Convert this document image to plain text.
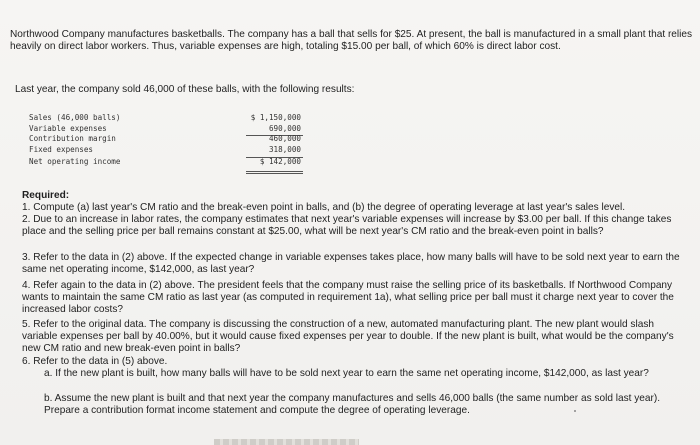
Northwood Company manufactures basketballs. The company has a ball that sells for $25. At present, the ball is manufactured in a small plant that relies heavily on direct labor workers. Thus, variable expenses are high, totaling $15.00 per ball, of which 60% is direct labor cost.

Last year, the company sold 46,000 of these balls, with the following results:

Sales (46,000 balls)	$ 1,150,000
Variable expenses	690,000
Contribution margin	460,000
Fixed expenses	318,000
Net operating income	$ 142,000

Required:

1. Compute (a) last year's CM ratio and the break-even point in balls, and (b) the degree of operating leverage at last year's sales level.

2. Due to an increase in labor rates, the company estimates that next year's variable expenses will increase by $3.00 per ball. If this change takes place and the selling price per ball remains constant at $25.00, what will be next year's CM ratio and the break-even point in balls?

3. Refer to the data in (2) above. If the expected change in variable expenses takes place, how many balls will have to be sold next year to earn the same net operating income, $142,000, as last year?

4. Refer again to the data in (2) above. The president feels that the company must raise the selling price of its basketballs. If Northwood Company wants to maintain the same CM ratio as last year (as computed in requirement 1a), what selling price per ball must it charge next year to cover the increased labor costs?

5. Refer to the original data. The company is discussing the construction of a new, automated manufacturing plant. The new plant would slash variable expenses per ball by 40.00%, but it would cause fixed expenses per year to double. If the new plant is built, what would be the company's new CM ratio and new break-even point in balls?

6. Refer to the data in (5) above.

a. If the new plant is built, how many balls will have to be sold next year to earn the same net operating income, $142,000, as last year?

b. Assume the new plant is built and that next year the company manufactures and sells 46,000 balls (the same number as sold last year). Prepare a contribution format income statement and compute the degree of operating leverage.
